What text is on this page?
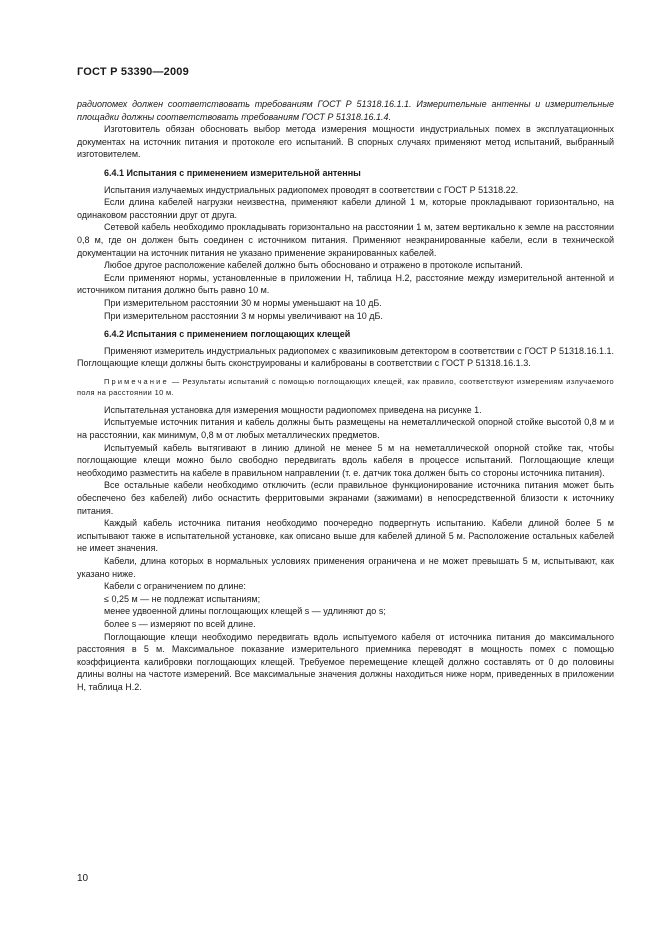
ГОСТ Р 53390—2009

радиопомех должен соответствовать требованиям ГОСТ Р 51318.16.1.1. Измерительные антенны и измерительные площадки должны соответствовать требованиям ГОСТ Р 51318.16.1.4.

Изготовитель обязан обосновать выбор метода измерения мощности индустриальных помех в эксплуатационных документах на источник питания и протоколе его испытаний. В спорных случаях применяют метод испытаний, выбранный изготовителем.

6.4.1 Испытания с применением измерительной антенны

Испытания излучаемых индустриальных радиопомех проводят в соответствии с ГОСТ Р 51318.22.

Если длина кабелей нагрузки неизвестна, применяют кабели длиной 1 м, которые прокладывают горизонтально, на одинаковом расстоянии друг от друга.

Сетевой кабель необходимо прокладывать горизонтально на расстоянии 1 м, затем вертикально к земле на расстоянии 0,8 м, где он должен быть соединен с источником питания. Применяют неэкранированные кабели, если в технической документации на источник питания не указано применение экранированных кабелей.

Любое другое расположение кабелей должно быть обосновано и отражено в протоколе испытаний.

Если применяют нормы, установленные в приложении Н, таблица Н.2, расстояние между измерительной антенной и источником питания должно быть равно 10 м.

При измерительном расстоянии 30 м нормы уменьшают на 10 дБ.

При измерительном расстоянии 3 м нормы увеличивают на 10 дБ.

6.4.2 Испытания с применением поглощающих клещей

Применяют измеритель индустриальных радиопомех с квазипиковым детектором в соответствии с ГОСТ Р 51318.16.1.1. Поглощающие клещи должны быть сконструированы и калиброваны в соответствии с ГОСТ Р 51318.16.1.3.

Примечание — Результаты испытаний с помощью поглощающих клещей, как правило, соответствуют измерениям излучаемого поля на расстоянии 10 м.

Испытательная установка для измерения мощности радиопомех приведена на рисунке 1.

Испытуемые источник питания и кабель должны быть размещены на неметаллической опорной стойке высотой 0,8 м и на расстоянии, как минимум, 0,8 м от любых металлических предметов.

Испытуемый кабель вытягивают в линию длиной не менее 5 м на неметаллической опорной стойке так, чтобы поглощающие клещи можно было свободно передвигать вдоль кабеля в процессе испытаний. Поглощающие клещи необходимо разместить на кабеле в правильном направлении (т. е. датчик тока должен быть со стороны источника питания).

Все остальные кабели необходимо отключить (если правильное функционирование источника питания может быть обеспечено без кабелей) либо оснастить ферритовыми экранами (зажимами) в непосредственной близости к источнику питания.

Каждый кабель источника питания необходимо поочередно подвергнуть испытанию. Кабели длиной более 5 м испытывают также в испытательной установке, как описано выше для кабелей длиной 5 м. Расположение остальных кабелей не имеет значения.

Кабели, длина которых в нормальных условиях применения ограничена и не может превышать 5 м, испытывают, как указано ниже.

Кабели с ограничением по длине:

≤ 0,25 м — не подлежат испытаниям;

менее удвоенной длины поглощающих клещей s — удлиняют до s;

более s — измеряют по всей длине.

Поглощающие клещи необходимо передвигать вдоль испытуемого кабеля от источника питания до максимального расстояния в 5 м. Максимальное показание измерительного приемника переводят в мощность помех с помощью коэффициента калибровки поглощающих клещей. Требуемое перемещение клещей должно составлять от 0 до половины длины волны на частоте измерений. Все максимальные значения должны находиться ниже норм, приведенных в приложении Н, таблица Н.2.

10
